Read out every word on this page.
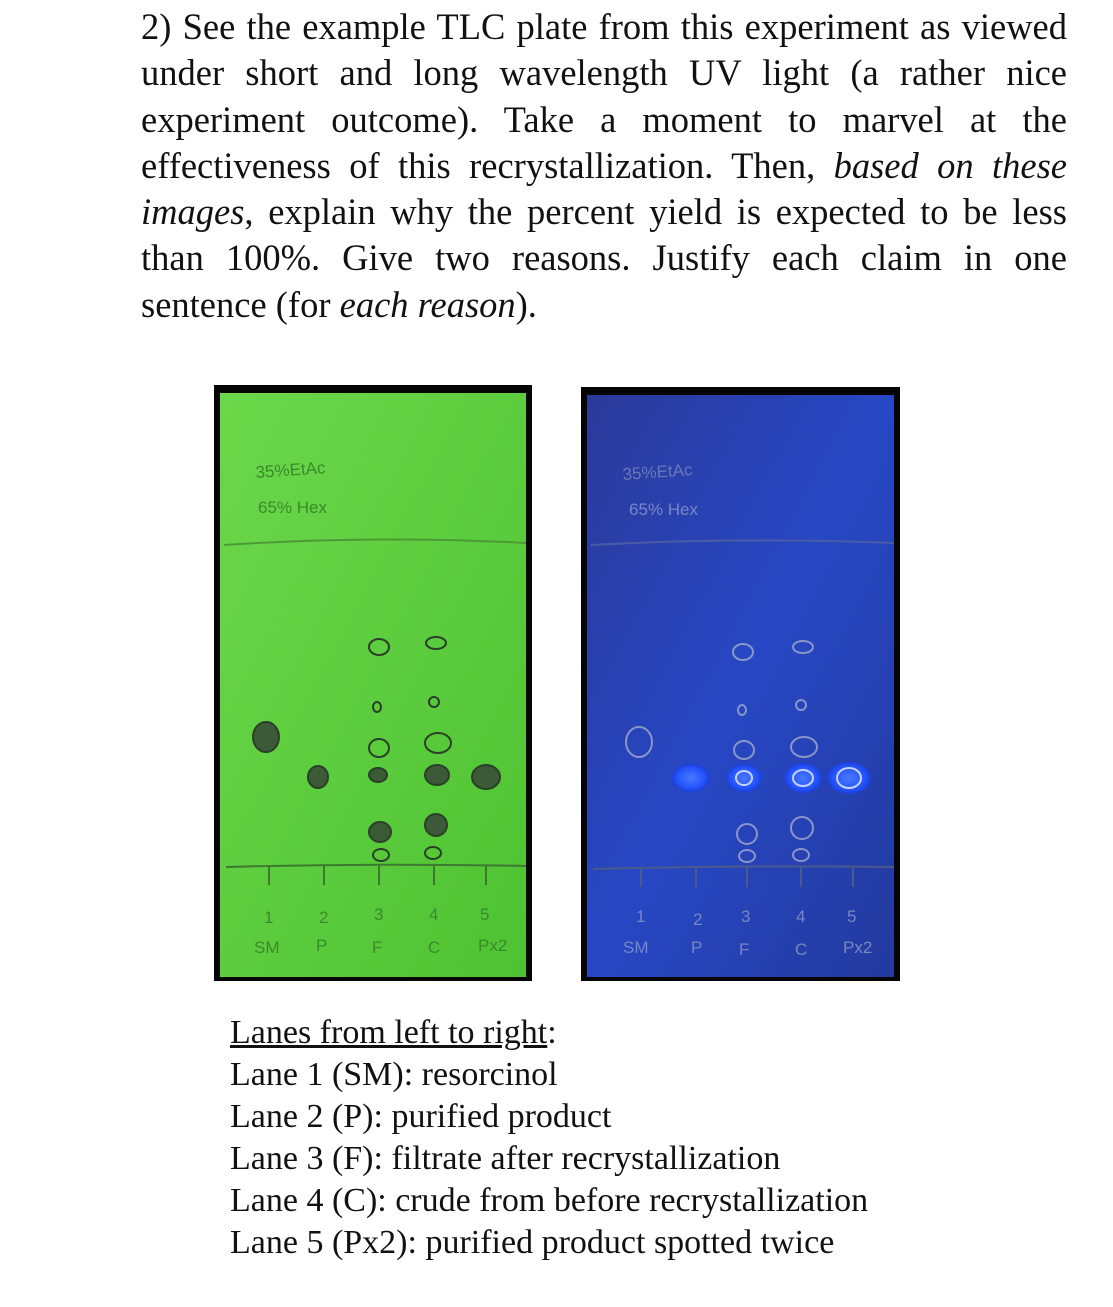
2) See the example TLC plate from this experiment as viewed under short and long wavelength UV light (a rather nice experiment outcome). Take a moment to marvel at the effectiveness of this recrystallization. Then, based on these images, explain why the percent yield is expected to be less than 100%. Give two reasons. Justify each claim in one sentence (for each reason).

35%EtAc
65% Hex
1	2	3	4 5
SM P	F	C Px2
35%EtAc
65% Hex
1	2 3	4 5
SM	P F	C Px2
Lanes from left to right:
Lane 1 (SM): resorcinol
Lane 2 (P): purified product
Lane 3 (F): filtrate after recrystallization
Lane 4 (C): crude from before recrystallization
Lane 5 (Px2): purified product spotted twice
